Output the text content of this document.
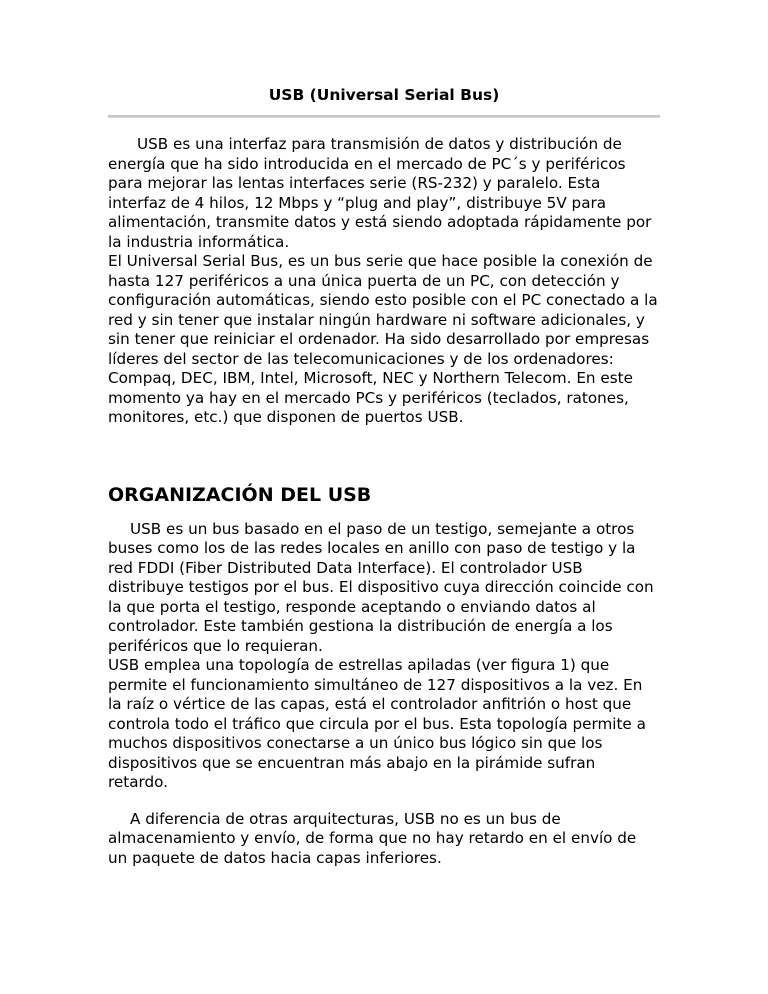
USB (Universal Serial Bus)

USB es una interfaz para transmisión de datos y distribución de energía que ha sido introducida en el mercado de PC´s y periféricos para mejorar las lentas interfaces serie (RS-232) y paralelo. Esta interfaz de 4 hilos, 12 Mbps y “plug and play”, distribuye 5V para alimentación, transmite datos y está siendo adoptada rápidamente por la industria informática.

El Universal Serial Bus, es un bus serie que hace posible la conexión de hasta 127 periféricos a una única puerta de un PC, con detección y configuración automáticas, siendo esto posible con el PC conectado a la red y sin tener que instalar ningún hardware ni software adicionales, y sin tener que reiniciar el ordenador. Ha sido desarrollado por empresas líderes del sector de las telecomunicaciones y de los ordenadores: Compaq, DEC, IBM, Intel, Microsoft, NEC y Northern Telecom. En este momento ya hay en el mercado PCs y periféricos (teclados, ratones, monitores, etc.) que disponen de puertos USB.

ORGANIZACIÓN DEL USB

USB es un bus basado en el paso de un testigo, semejante a otros buses como los de las redes locales en anillo con paso de testigo y la red FDDI (Fiber Distributed Data Interface). El controlador USB distribuye testigos por el bus. El dispositivo cuya dirección coincide con la que porta el testigo, responde aceptando o enviando datos al controlador. Este también gestiona la distribución de energía a los periféricos que lo requieran.

USB emplea una topología de estrellas apiladas (ver figura 1) que permite el funcionamiento simultáneo de 127 dispositivos a la vez. En la raíz o vértice de las capas, está el controlador anfitrión o host que controla todo el tráfico que circula por el bus. Esta topología permite a muchos dispositivos conectarse a un único bus lógico sin que los dispositivos que se encuentran más abajo en la pirámide sufran retardo.

A diferencia de otras arquitecturas, USB no es un bus de almacenamiento y envío, de forma que no hay retardo en el envío de un paquete de datos hacia capas inferiores.
